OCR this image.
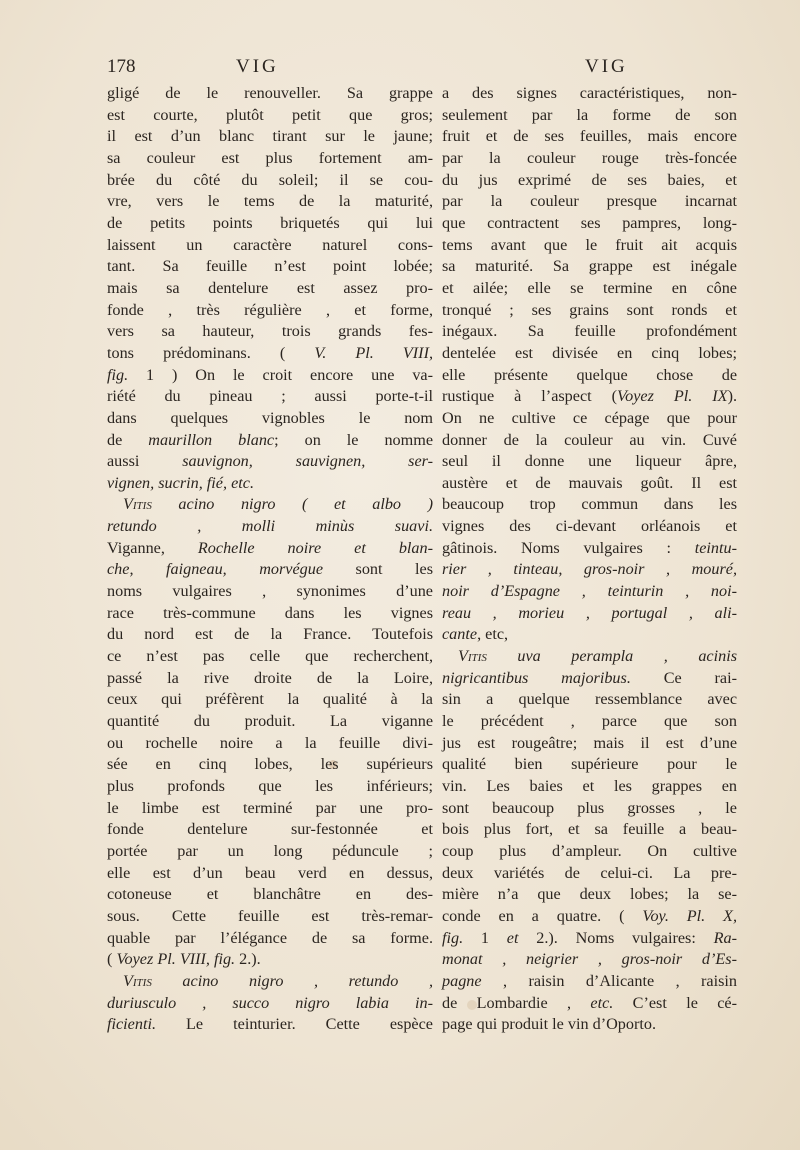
178	VIG	VIG
gligé de le renouveller. Sa grappe
est courte, plutôt petit que gros;
il est d’un blanc tirant sur le jaune;
sa couleur est plus fortement am-
brée du côté du soleil; il se cou-
vre, vers le tems de la maturité,
de petits points briquetés qui lui
laissent un caractère naturel cons-
tant. Sa feuille n’est point lobée;
mais sa dentelure est assez pro-
fonde , très régulière , et forme,
vers sa hauteur, trois grands fes-
tons prédominans. ( V. Pl. VIII,
fig. 1 ) On le croit encore une va-
riété du pineau ; aussi porte-t-il
dans quelques vignobles le nom
de maurillon blanc; on le nomme
aussi sauvignon, sauvignen, ser-
vignen, sucrin, fié, etc.
Vitis acino nigro ( et albo )
retundo , molli minùs suavi.
Viganne, Rochelle noire et blan-
che, faigneau, morvégue sont les
noms vulgaires , synonimes d’une
race très-commune dans les vignes
du nord est de la France. Toutefois
ce n’est pas celle que recherchent,
passé la rive droite de la Loire,
ceux qui préfèrent la qualité à la
quantité du produit. La viganne
ou rochelle noire a la feuille divi-
sée en cinq lobes, les supérieurs
plus profonds que les inférieurs;
le limbe est terminé par une pro-
fonde dentelure sur-festonnée et
portée par un long péduncule ;
elle est d’un beau verd en dessus,
cotoneuse et blanchâtre en des-
sous. Cette feuille est très-remar-
quable par l’élégance de sa forme.
( Voyez Pl. VIII, fig. 2.).
Vitis acino nigro , retundo ,
duriusculo , succo nigro labia in-
ficienti. Le teinturier. Cette espèce
a des signes caractéristiques, non-
seulement par la forme de son
fruit et de ses feuilles, mais encore
par la couleur rouge très-foncée
du jus exprimé de ses baies, et
par la couleur presque incarnat
que contractent ses pampres, long-
tems avant que le fruit ait acquis
sa maturité. Sa grappe est inégale
et ailée; elle se termine en cône
tronqué ; ses grains sont ronds et
inégaux. Sa feuille profondément
dentelée est divisée en cinq lobes;
elle présente quelque chose de
rustique à l’aspect (Voyez Pl. IX).
On ne cultive ce cépage que pour
donner de la couleur au vin. Cuvé
seul il donne une liqueur âpre,
austère et de mauvais goût. Il est
beaucoup trop commun dans les
vignes des ci-devant orléanois et
gâtinois. Noms vulgaires : teintu-
rier , tinteau, gros-noir , mouré,
noir d’Espagne , teinturin , noi-
reau , morieu , portugal , ali-
cante, etc,
Vitis uva perampla , acinis
nigricantibus majoribus. Ce rai-
sin a quelque ressemblance avec
le précédent , parce que son
jus est rougeâtre; mais il est d’une
qualité bien supérieure pour le
vin. Les baies et les grappes en
sont beaucoup plus grosses , le
bois plus fort, et sa feuille a beau-
coup plus d’ampleur. On cultive
deux variétés de celui-ci. La pre-
mière n’a que deux lobes; la se-
conde en a quatre. ( Voy. Pl. X,
fig. 1 et 2.). Noms vulgaires: Ra-
monat , neigrier , gros-noir d’Es-
pagne , raisin d’Alicante , raisin
de Lombardie , etc. C’est le cé-
page qui produit le vin d’Oporto.
